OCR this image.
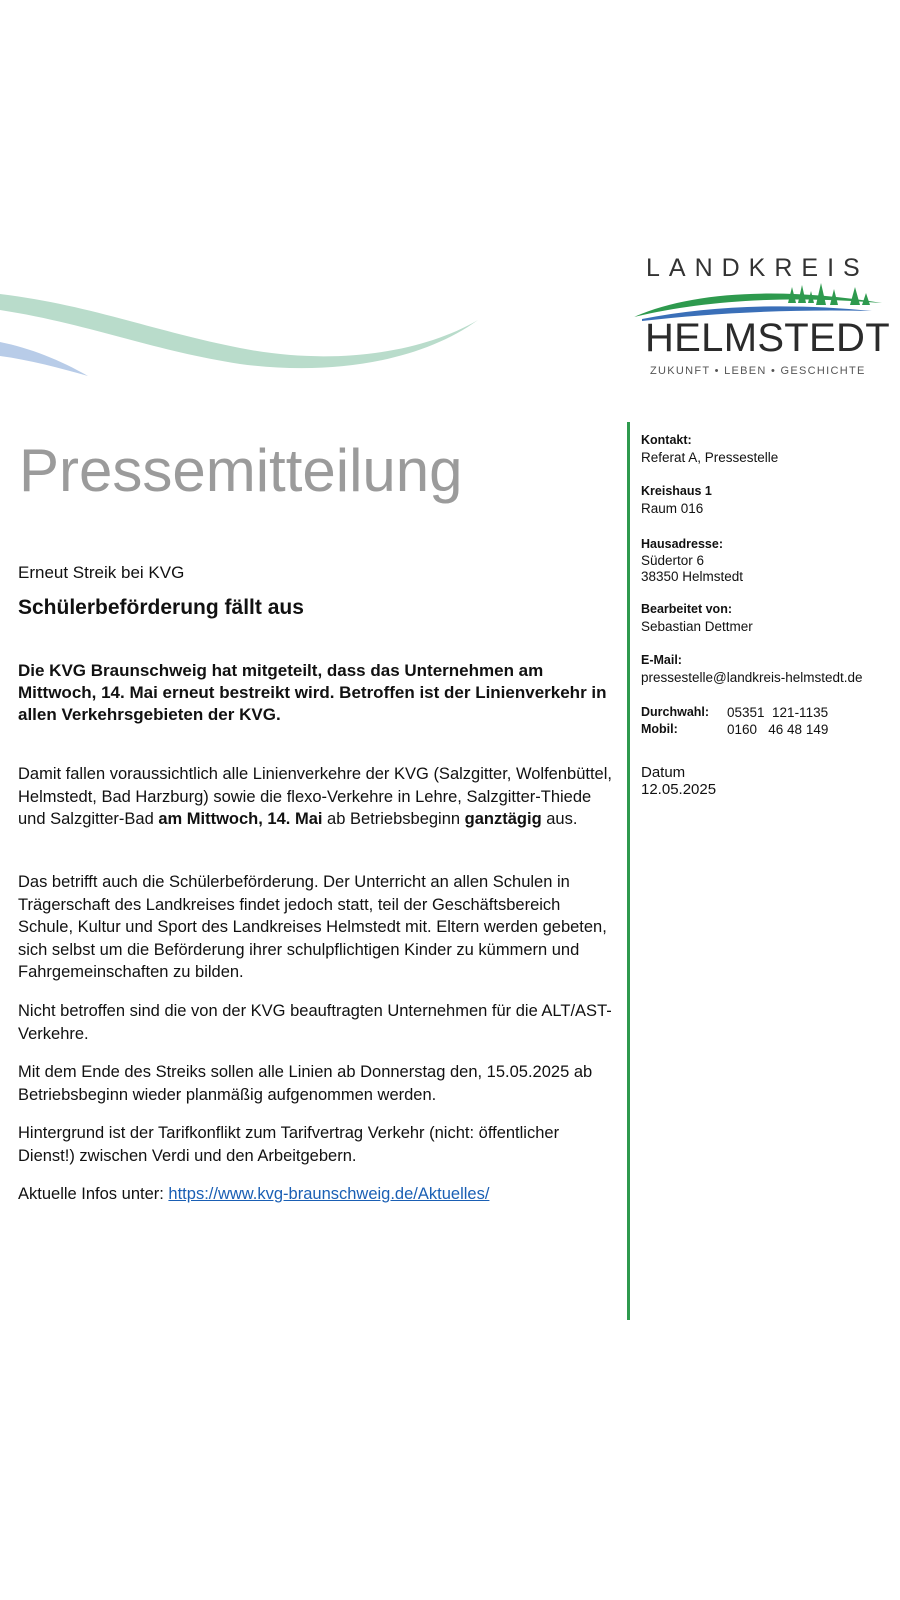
LANDKREIS
HELMSTEDT
ZUKUNFT • LEBEN • GESCHICHTE
Pressemitteilung
Erneut Streik bei KVG
Schülerbeförderung fällt aus
Die KVG Braunschweig hat mitgeteilt, dass das Unternehmen am Mittwoch, 14. Mai erneut bestreikt wird. Betroffen ist der Linienverkehr in allen Verkehrsgebieten der KVG.
Damit fallen voraussichtlich alle Linienverkehre der KVG (Salzgitter, Wolfenbüttel, Helmstedt, Bad Harzburg) sowie die flexo-Verkehre in Lehre, Salzgitter-Thiede und Salzgitter-Bad am Mittwoch, 14. Mai ab Betriebsbeginn ganztägig aus.
Das betrifft auch die Schülerbeförderung. Der Unterricht an allen Schulen in Trägerschaft des Landkreises findet jedoch statt, teil der Geschäftsbereich Schule, Kultur und Sport des Landkreises Helmstedt mit. Eltern werden gebeten, sich selbst um die Beförderung ihrer schulpflichtigen Kinder zu kümmern und Fahrgemeinschaften zu bilden.
Nicht betroffen sind die von der KVG beauftragten Unternehmen für die ALT/AST-Verkehre.
Mit dem Ende des Streiks sollen alle Linien ab Donnerstag den, 15.05.2025 ab Betriebsbeginn wieder planmäßig aufgenommen werden.
Hintergrund ist der Tarifkonflikt zum Tarifvertrag Verkehr (nicht: öffentlicher Dienst!) zwischen Verdi und den Arbeitgebern.
Aktuelle Infos unter: https://www.kvg-braunschweig.de/Aktuelles/
Kontakt:
Referat A, Pressestelle
Kreishaus 1
Raum 016
Hausadresse:
Südertor 6
38350 Helmstedt
Bearbeitet von:
Sebastian Dettmer
E-Mail:
pressestelle@landkreis-helmstedt.de
Durchwahl:	05351  121-1135
Mobil:	0160   46 48 149
Datum
12.05.2025
